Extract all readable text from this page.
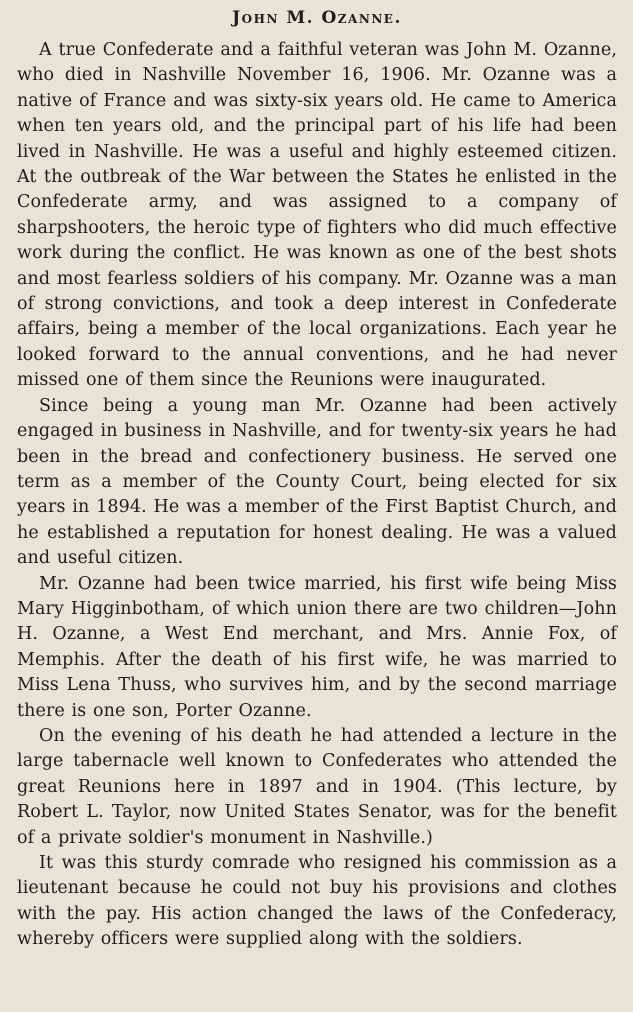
John M. Ozanne.

A true Confederate and a faithful veteran was John M. Ozanne, who died in Nashville November 16, 1906. Mr. Ozanne was a native of France and was sixty-six years old. He came to America when ten years old, and the principal part of his life had been lived in Nashville. He was a useful and highly esteemed citizen. At the outbreak of the War between the States he enlisted in the Confederate army, and was assigned to a company of sharpshooters, the heroic type of fighters who did much effective work during the conflict. He was known as one of the best shots and most fearless soldiers of his company. Mr. Ozanne was a man of strong convictions, and took a deep interest in Confederate affairs, being a member of the local organizations. Each year he looked forward to the annual conventions, and he had never missed one of them since the Reunions were inaugurated.

Since being a young man Mr. Ozanne had been actively engaged in business in Nashville, and for twenty-six years he had been in the bread and confectionery business. He served one term as a member of the County Court, being elected for six years in 1894. He was a member of the First Baptist Church, and he established a reputation for honest dealing. He was a valued and useful citizen.

Mr. Ozanne had been twice married, his first wife being Miss Mary Higginbotham, of which union there are two children—John H. Ozanne, a West End merchant, and Mrs. Annie Fox, of Memphis. After the death of his first wife, he was married to Miss Lena Thuss, who survives him, and by the second marriage there is one son, Porter Ozanne.

On the evening of his death he had attended a lecture in the large tabernacle well known to Confederates who attended the great Reunions here in 1897 and in 1904. (This lecture, by Robert L. Taylor, now United States Senator, was for the benefit of a private soldier's monument in Nashville.)

It was this sturdy comrade who resigned his commission as a lieutenant because he could not buy his provisions and clothes with the pay. His action changed the laws of the Confederacy, whereby officers were supplied along with the soldiers.
